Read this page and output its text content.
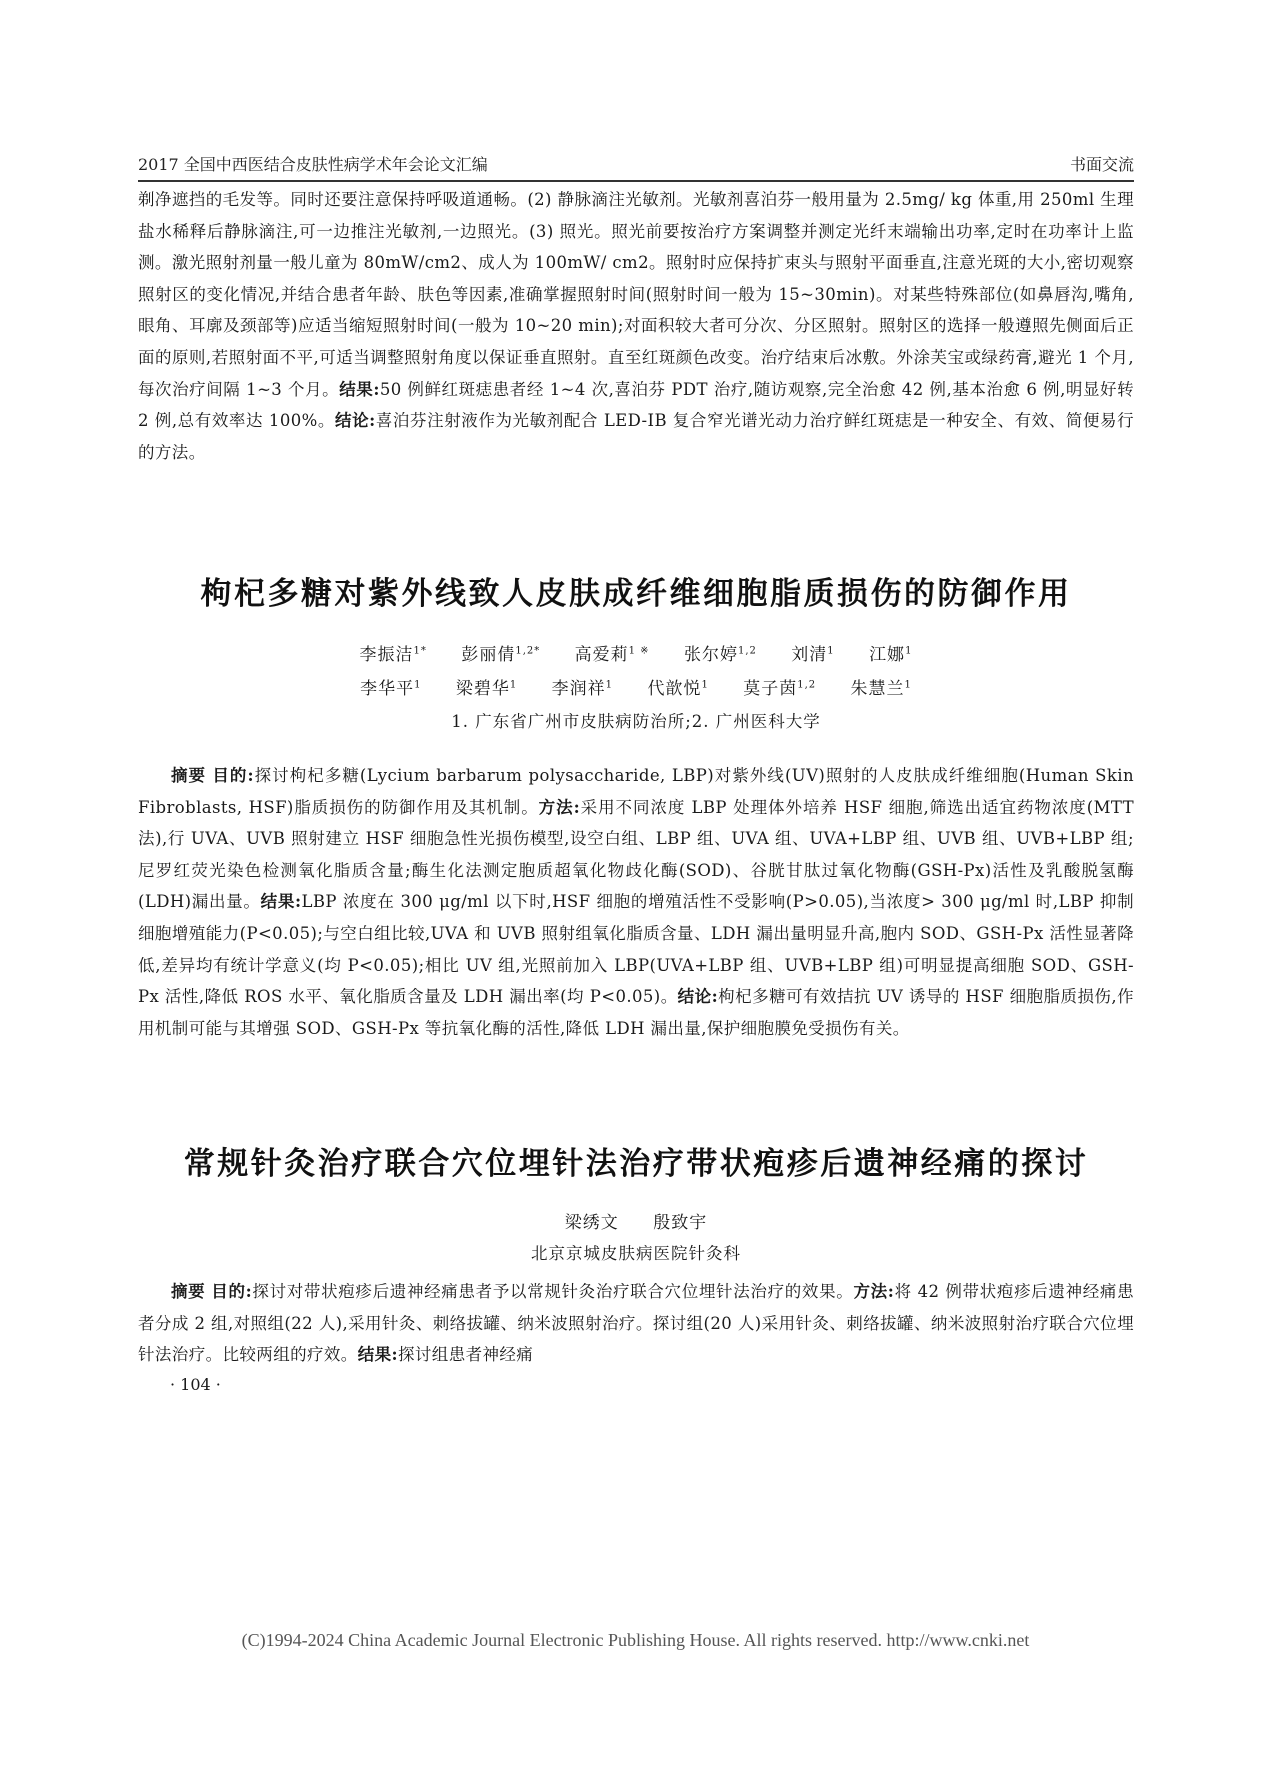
2017 全国中西医结合皮肤性病学术年会论文汇编	书面交流
剃净遮挡的毛发等。同时还要注意保持呼吸道通畅。(2) 静脉滴注光敏剂。光敏剂喜泊芬一般用量为 2.5mg/ kg 体重,用 250ml 生理盐水稀释后静脉滴注,可一边推注光敏剂,一边照光。(3) 照光。照光前要按治疗方案调整并测定光纤末端输出功率,定时在功率计上监测。激光照射剂量一般儿童为 80mW/cm2、成人为 100mW/ cm2。照射时应保持扩束头与照射平面垂直,注意光斑的大小,密切观察照射区的变化情况,并结合患者年龄、肤色等因素,准确掌握照射时间(照射时间一般为 15~30min)。对某些特殊部位(如鼻唇沟,嘴角,眼角、耳廓及颈部等)应适当缩短照射时间(一般为 10~20 min);对面积较大者可分次、分区照射。照射区的选择一般遵照先侧面后正面的原则,若照射面不平,可适当调整照射角度以保证垂直照射。直至红斑颜色改变。治疗结束后冰敷。外涂芙宝或绿药膏,避光 1 个月,每次治疗间隔 1~3 个月。结果:50 例鲜红斑痣患者经 1~4 次,喜泊芬 PDT 治疗,随访观察,完全治愈 42 例,基本治愈 6 例,明显好转 2 例,总有效率达 100%。结论:喜泊芬注射液作为光敏剂配合 LED-IB 复合窄光谱光动力治疗鲜红斑痣是一种安全、有效、简便易行的方法。
枸杞多糖对紫外线致人皮肤成纤维细胞脂质损伤的防御作用
李振洁$^{1*}$ 彭丽倩$^{1,2*}$ 高爱莉$^{1 ※}$ 张尔婷$^{1,2}$ 刘清$^1$ 江娜$^1$
李华平$^1$ 梁碧华$^1$ 李润祥$^1$ 代歆悦$^1$ 莫子茵$^{1,2}$ 朱慧兰$^1$
1. 广东省广州市皮肤病防治所;2. 广州医科大学
摘要 目的:探讨枸杞多糖(Lycium barbarum polysaccharide, LBP)对紫外线(UV)照射的人皮肤成纤维细胞(Human Skin Fibroblasts, HSF)脂质损伤的防御作用及其机制。方法:采用不同浓度 LBP 处理体外培养 HSF 细胞,筛选出适宜药物浓度(MTT 法),行 UVA、UVB 照射建立 HSF 细胞急性光损伤模型,设空白组、LBP 组、UVA 组、UVA+LBP 组、UVB 组、UVB+LBP 组;尼罗红荧光染色检测氧化脂质含量;酶生化法测定胞质超氧化物歧化酶(SOD)、谷胱甘肽过氧化物酶(GSH-Px)活性及乳酸脱氢酶(LDH)漏出量。结果:LBP 浓度在 300 μg/ml 以下时,HSF 细胞的增殖活性不受影响(P>0.05),当浓度> 300 μg/ml 时,LBP 抑制细胞增殖能力(P<0.05);与空白组比较,UVA 和 UVB 照射组氧化脂质含量、LDH 漏出量明显升高,胞内 SOD、GSH-Px 活性显著降低,差异均有统计学意义(均 P<0.05);相比 UV 组,光照前加入 LBP(UVA+LBP 组、UVB+LBP 组)可明显提高细胞 SOD、GSH-Px 活性,降低 ROS 水平、氧化脂质含量及 LDH 漏出率(均 P<0.05)。结论:枸杞多糖可有效拮抗 UV 诱导的 HSF 细胞脂质损伤,作用机制可能与其增强 SOD、GSH-Px 等抗氧化酶的活性,降低 LDH 漏出量,保护细胞膜免受损伤有关。
常规针灸治疗联合穴位埋针法治疗带状疱疹后遗神经痛的探讨
梁绣文 殷致宇
北京京城皮肤病医院针灸科
摘要 目的:探讨对带状疱疹后遗神经痛患者予以常规针灸治疗联合穴位埋针法治疗的效果。方法:将 42 例带状疱疹后遗神经痛患者分成 2 组,对照组(22 人),采用针灸、刺络拔罐、纳米波照射治疗。探讨组(20 人)采用针灸、刺络拔罐、纳米波照射治疗联合穴位埋针法治疗。比较两组的疗效。结果:探讨组患者神经痛
· 104 ·
(C)1994-2024 China Academic Journal Electronic Publishing House. All rights reserved. http://www.cnki.net
